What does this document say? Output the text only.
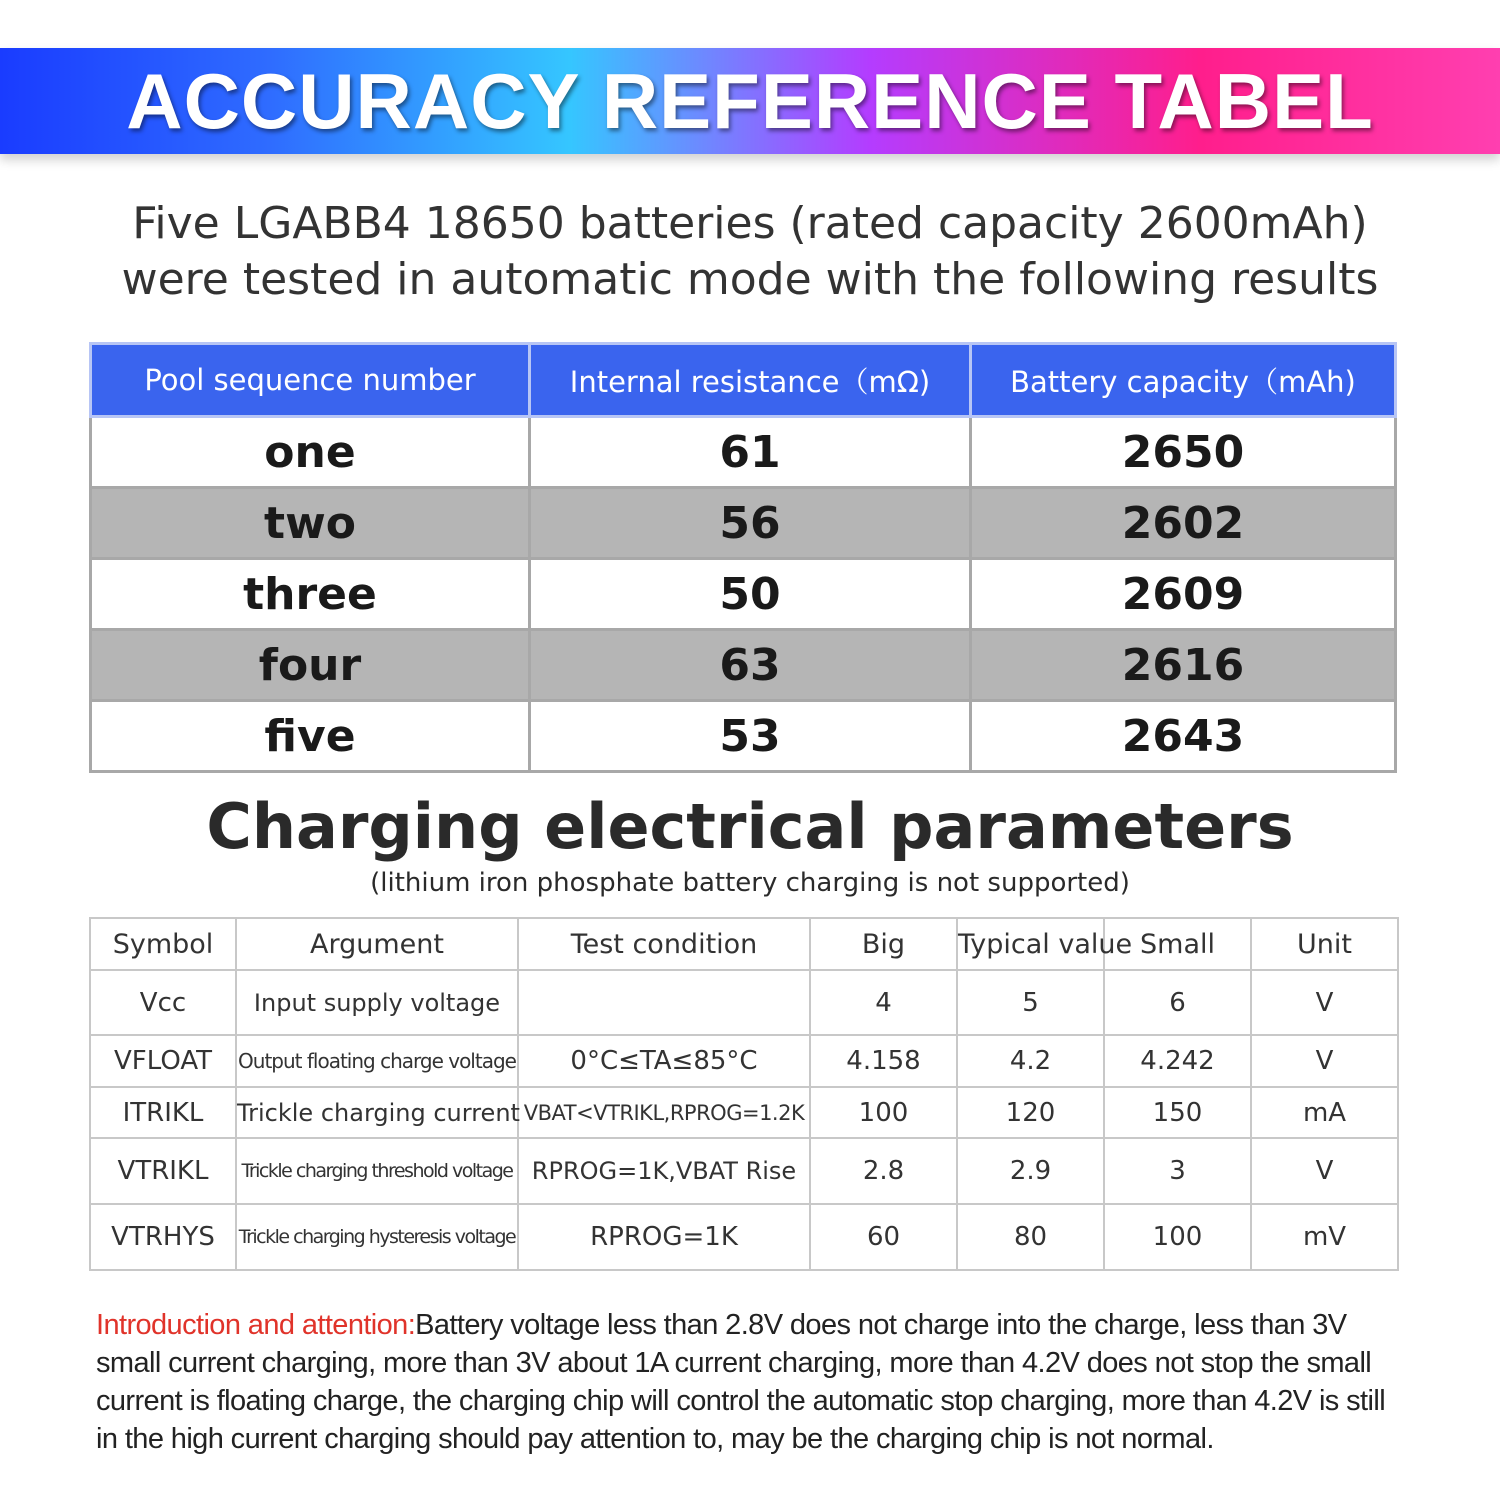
ACCURACY REFERENCE TABEL
Five LGABB4 18650 batteries (rated capacity 2600mAh)
were tested in automatic mode with the following results
Pool sequence number	Internal resistance（mΩ)	Battery capacity（mAh)
one	61	2650
two	56	2602
three	50	2609
four	63	2616
five	53	2643
Charging electrical parameters
(lithium iron phosphate battery charging is not supported)
Symbol	Argument	Test condition	Big	Typical value	Small	Unit
Vcc	Input supply voltage		4	5	6	V
VFLOAT	Output floating charge voltage	0°C≤TA≤85°C	4.158	4.2	4.242	V
ITRIKL	Trickle charging current	VBAT<VTRIKL,RPROG=1.2K	100	120	150	mA
VTRIKL	Trickle charging threshold voltage	RPROG=1K,VBAT Rise	2.8	2.9	3	V
VTRHYS	Trickle charging hysteresis voltage	RPROG=1K	60	80	100	mV
Introduction and attention:Battery voltage less than 2.8V does not charge into the charge, less than 3V small current charging, more than 3V about 1A current charging, more than 4.2V does not stop the small current is floating charge, the charging chip will control the automatic stop charging, more than 4.2V is still in the high current charging should pay attention to, may be the charging chip is not normal.
